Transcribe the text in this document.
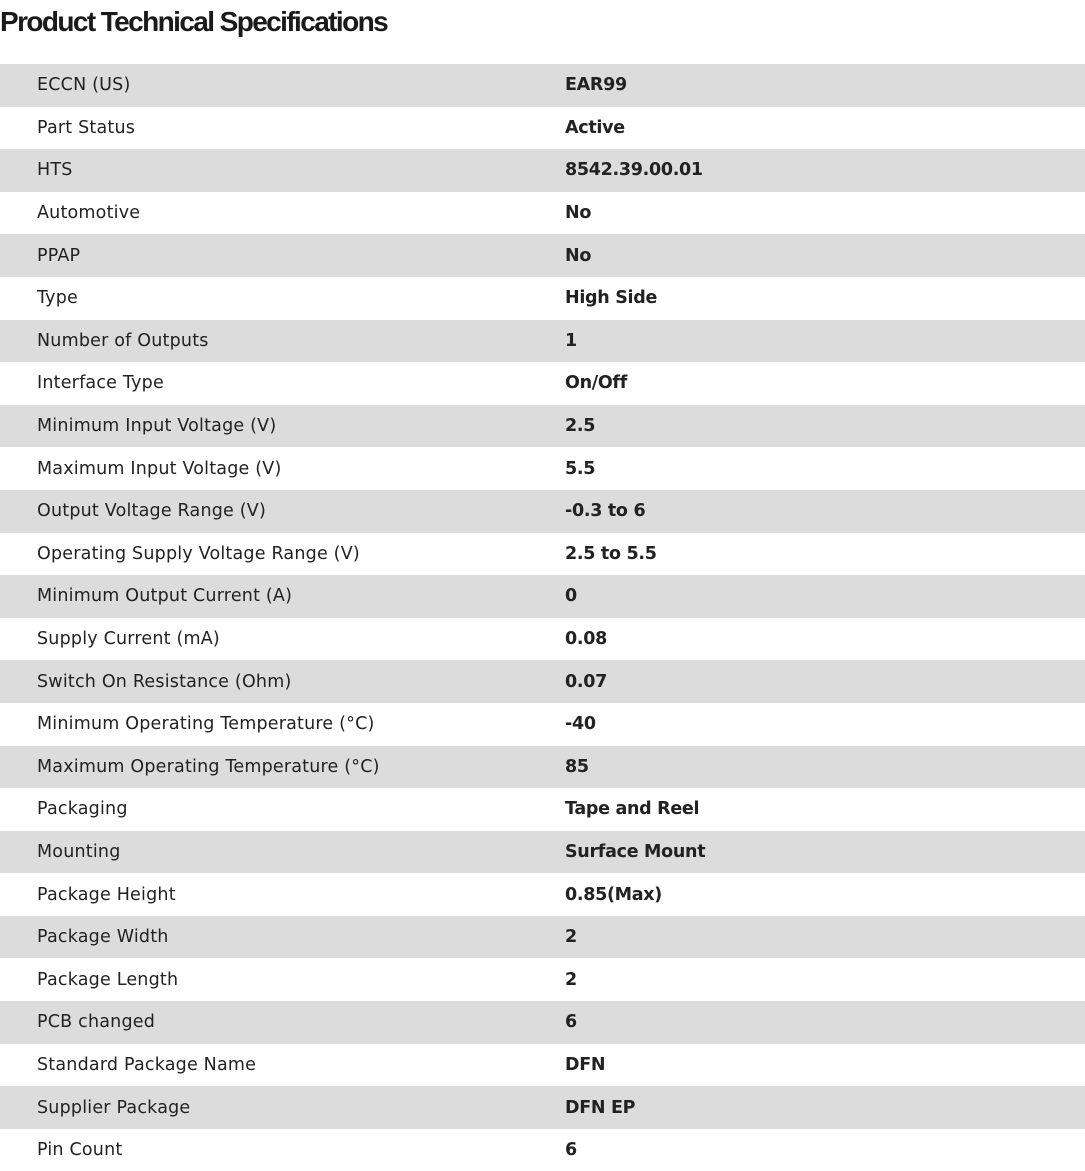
Product Technical Specifications
ECCN (US)	EAR99
Part Status	Active
HTS	8542.39.00.01
Automotive	No
PPAP	No
Type	High Side
Number of Outputs	1
Interface Type	On/Off
Minimum Input Voltage (V)	2.5
Maximum Input Voltage (V)	5.5
Output Voltage Range (V)	-0.3 to 6
Operating Supply Voltage Range (V)	2.5 to 5.5
Minimum Output Current (A)	0
Supply Current (mA)	0.08
Switch On Resistance (Ohm)	0.07
Minimum Operating Temperature (°C)	-40
Maximum Operating Temperature (°C)	85
Packaging	Tape and Reel
Mounting	Surface Mount
Package Height	0.85(Max)
Package Width	2
Package Length	2
PCB changed	6
Standard Package Name	DFN
Supplier Package	DFN EP
Pin Count	6
